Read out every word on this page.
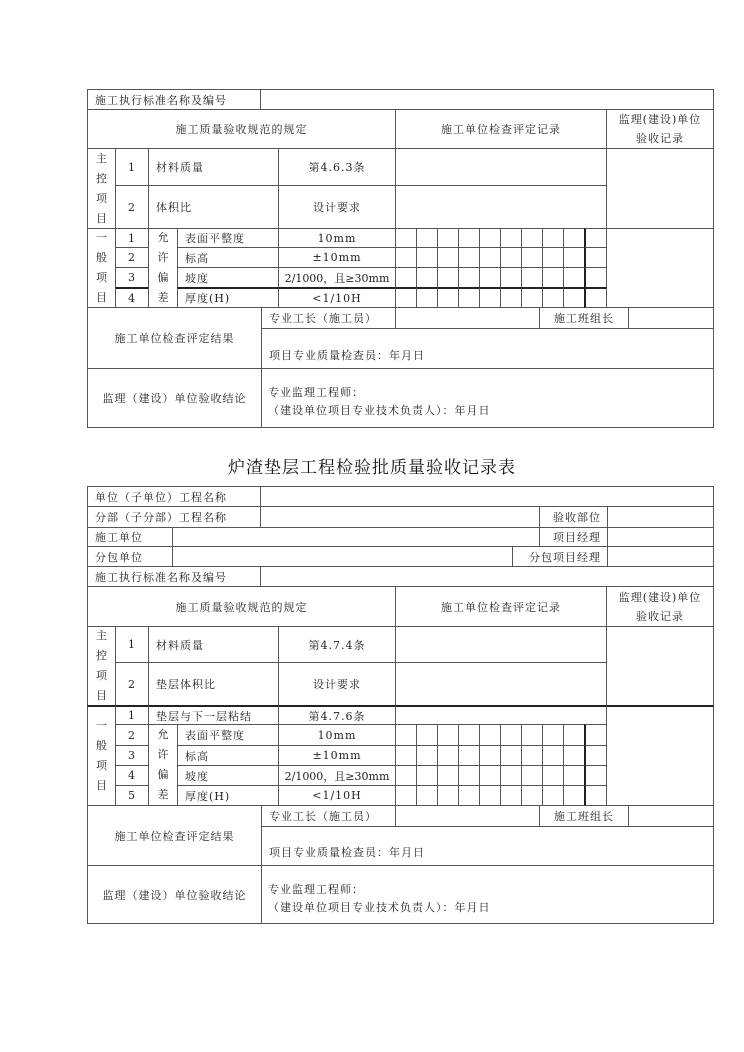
施工执行标准名称及编号
施工质量验收规范的规定	施工单位检查评定记录
监理(建设)单位
验收记录
主控项目
1	材料质量	第4.6.3条
2	体积比	设计要求
一般项目
允许偏差
1	表面平整度	10mm
2	标高	±10mm
3	坡度	2/1000，且≥30mm
4	厚度(H)	<1/10H
施工单位检查评定结果
专业工长（施工员）	施工班组长
项目专业质量检查员：年月日
监理（建设）单位验收结论	专业监理工程师：
（建设单位项目专业技术负责人）：年月日
炉渣垫层工程检验批质量验收记录表
单位（子单位）工程名称
分部（子分部）工程名称	验收部位
施工单位	项目经理
分包单位	分包项目经理
施工执行标准名称及编号
施工质量验收规范的规定	施工单位检查评定记录
监理(建设)单位
验收记录
主控项目
1	材料质量	第4.7.4条
2	垫层体积比	设计要求
一般项目
1	垫层与下一层粘结	第4.7.6条
允许偏差
2	表面平整度	10mm
3	标高	±10mm
4	坡度	2/1000，且≥30mm
5	厚度(H)	<1/10H
施工单位检查评定结果
专业工长（施工员）	施工班组长
项目专业质量检查员：年月日
监理（建设）单位验收结论	专业监理工程师：
（建设单位项目专业技术负责人）：年月日
